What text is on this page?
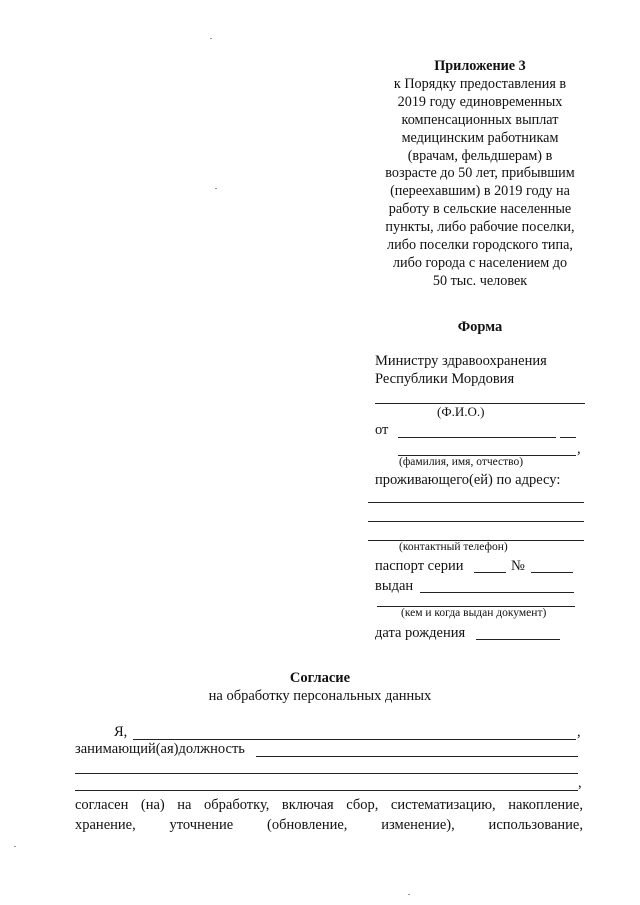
Приложение 3
к Порядку предоставления в
2019 году единовременных
компенсационных выплат
медицинским работникам
(врачам, фельдшерам) в
возрасте до 50 лет, прибывшим
(переехавшим) в 2019 году на
работу в сельские населенные
пункты, либо рабочие поселки,
либо поселки городского типа,
либо города с населением до
50 тыс. человек
Форма
Министру здравоохранения
Республики Мордовия
(Ф.И.О.)
от
,
(фамилия, имя, отчество)
проживающего(ей) по адресу:
(контактный телефон)
паспорт серии	№
выдан
(кем и когда выдан документ)
дата рождения
Согласие
на обработку персональных данных
Я,	,
занимающий(ая)должность
,
согласен (на) на обработку, включая сбор, систематизацию, накопление,
хранение, уточнение (обновление, изменение), использование,
